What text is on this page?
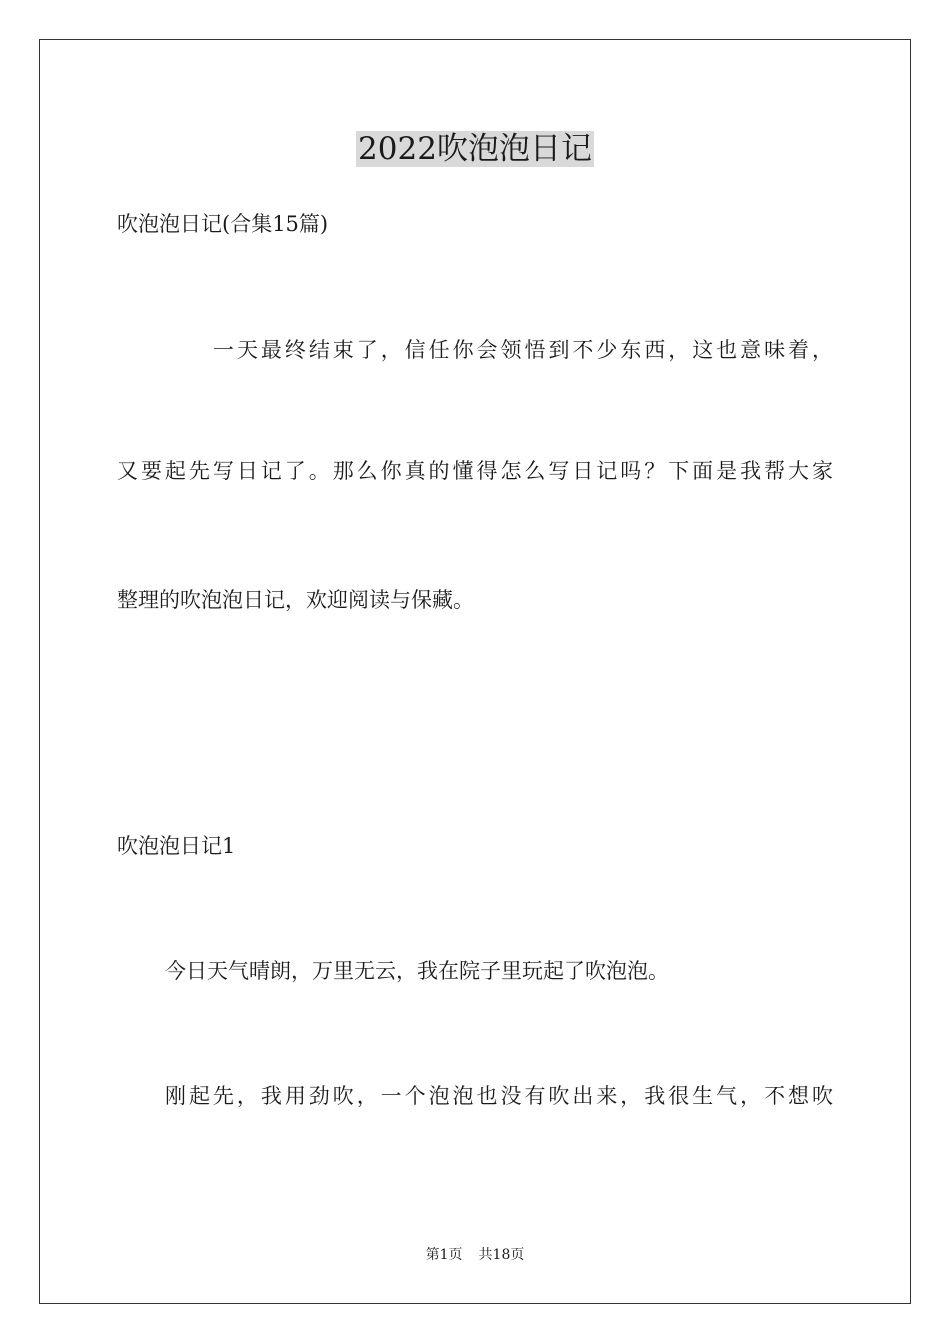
2022吹泡泡日记
吹泡泡日记(合集15篇)
一天最终结束了，信任你会领悟到不少东西，这也意味着，
又要起先写日记了。那么你真的懂得怎么写日记吗？下面是我帮大家
整理的吹泡泡日记，欢迎阅读与保藏。
吹泡泡日记1
今日天气晴朗，万里无云，我在院子里玩起了吹泡泡。
刚起先，我用劲吹，一个泡泡也没有吹出来，我很生气，不想吹
第1页 共18页
